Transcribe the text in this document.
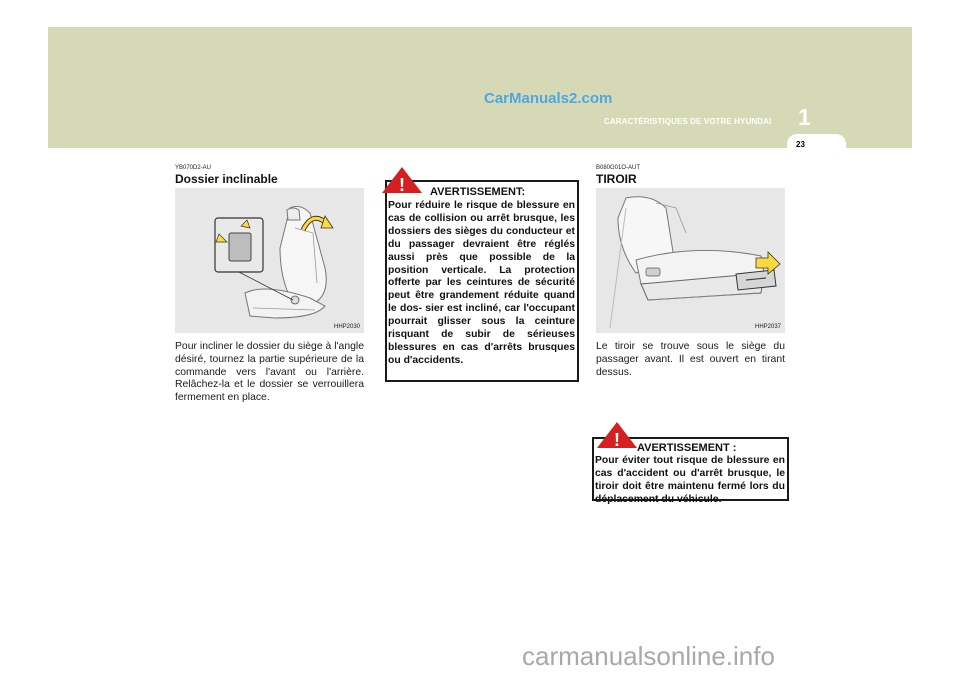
CarManuals2.com
CARACTÉRISTIQUES DE VOTRE HYUNDAI 1
23
YB070D2-AU
Dossier inclinable
HHP2030
Pour incliner le dossier du siège à l'angle désiré, tournez la partie supérieure de la commande vers l'avant ou l'arrière. Relâchez-la et le dossier se verrouillera fermement en place.
! AVERTISSEMENT:
Pour réduire le risque de blessure en cas de collision ou arrêt brusque, les dossiers des sièges du conducteur et du passager devraient être réglés aussi près que possible de la position verticale. La protection offerte par les ceintures de sécurité peut être grandement réduite quand le dos- sier est incliné, car l'occupant pourrait glisser sous la ceinture risquant de subir de sérieuses blessures en cas d'arrêts brusques ou d'accidents.
B080G01O-AUT
TIROIR
HHP2037
Le tiroir se trouve sous le siège du passager avant. Il est ouvert en tirant dessus.
! AVERTISSEMENT :
Pour éviter tout risque de blessure en cas d'accident ou d'arrêt brusque, le tiroir doit être maintenu fermé lors du déplacement du véhicule.
carmanualsonline.info
